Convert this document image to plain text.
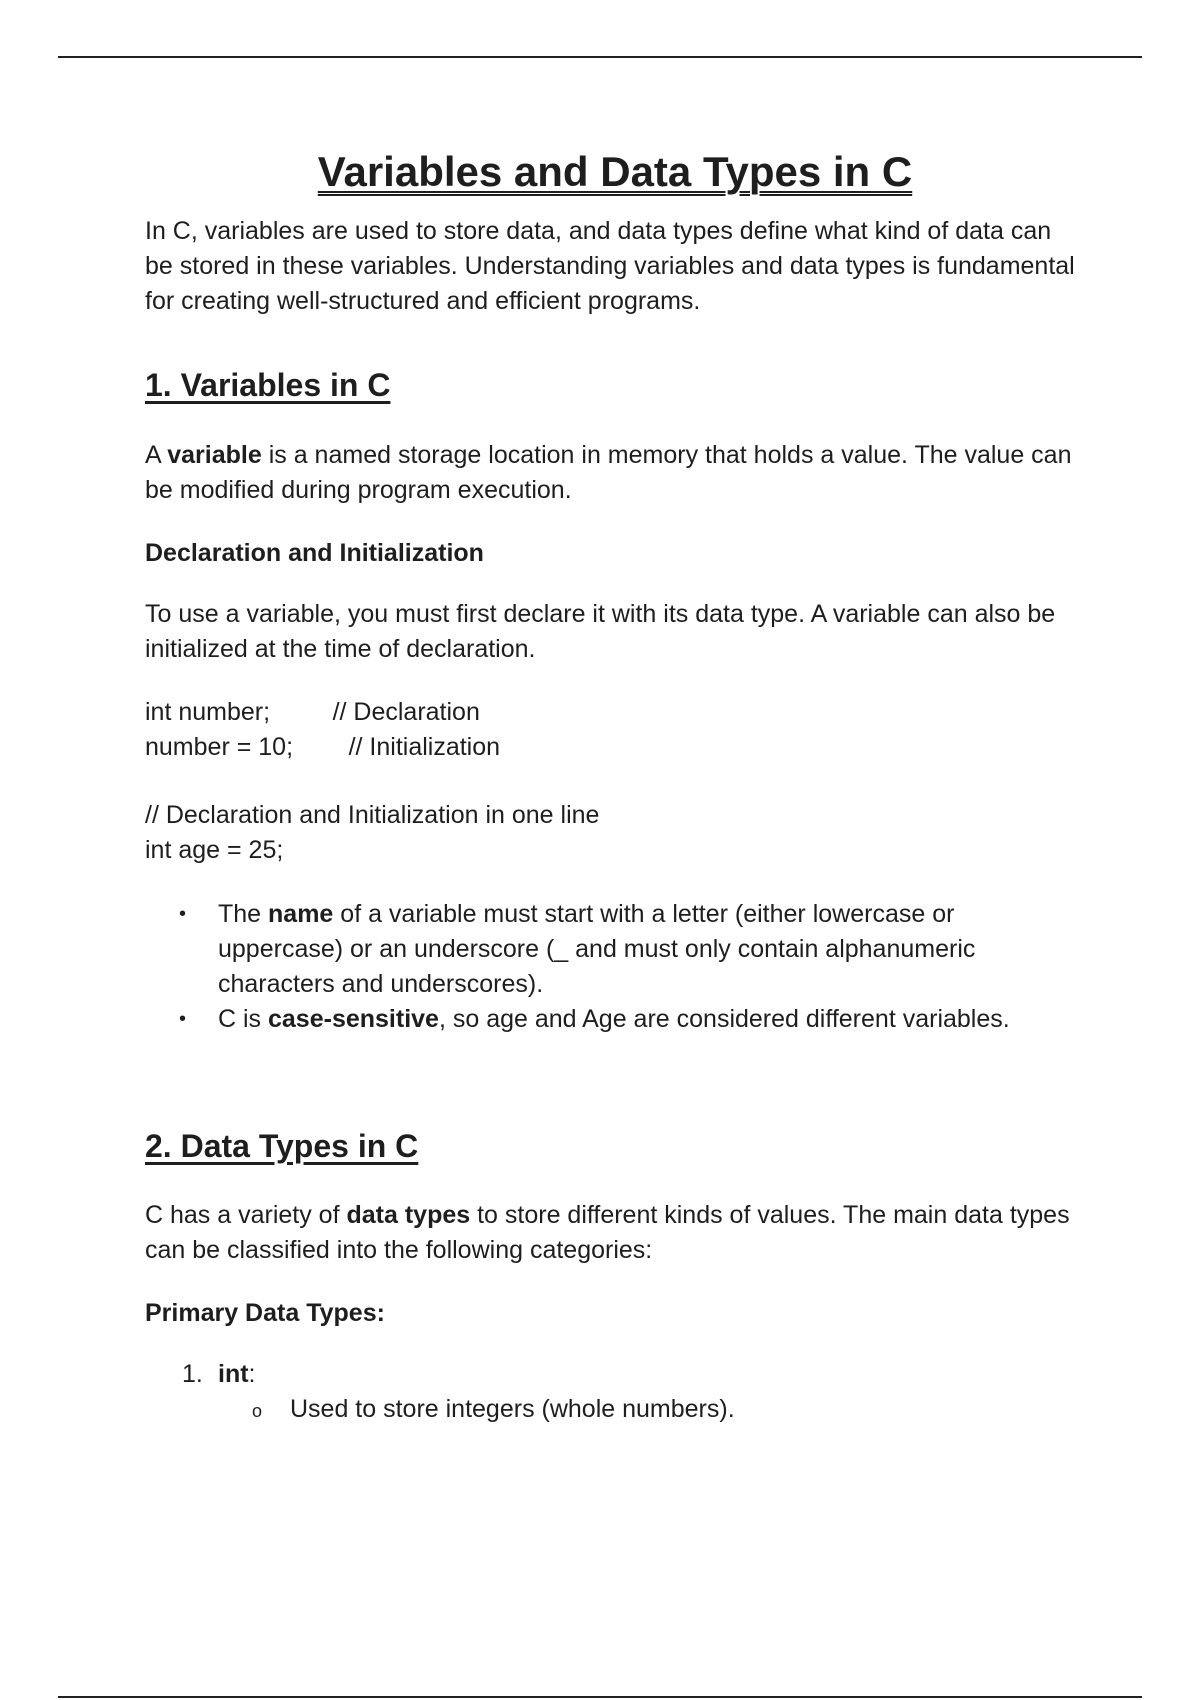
Variables and Data Types in C

In C, variables are used to store data, and data types define what kind of data can be stored in these variables. Understanding variables and data types is fundamental for creating well-structured and efficient programs.

1. Variables in C

A variable is a named storage location in memory that holds a value. The value can be modified during program execution.

Declaration and Initialization

To use a variable, you must first declare it with its data type. A variable can also be initialized at the time of declaration.

int number;         // Declaration
number = 10;        // Initialization
// Declaration and Initialization in one line
int age = 25;
• The name of a variable must start with a letter (either lowercase or uppercase) or an underscore (_ and must only contain alphanumeric characters and underscores).
• C is case-sensitive, so age and Age are considered different variables.
2. Data Types in C

C has a variety of data types to store different kinds of values. The main data types can be classified into the following categories:

Primary Data Types:
1. int:
o Used to store integers (whole numbers).
